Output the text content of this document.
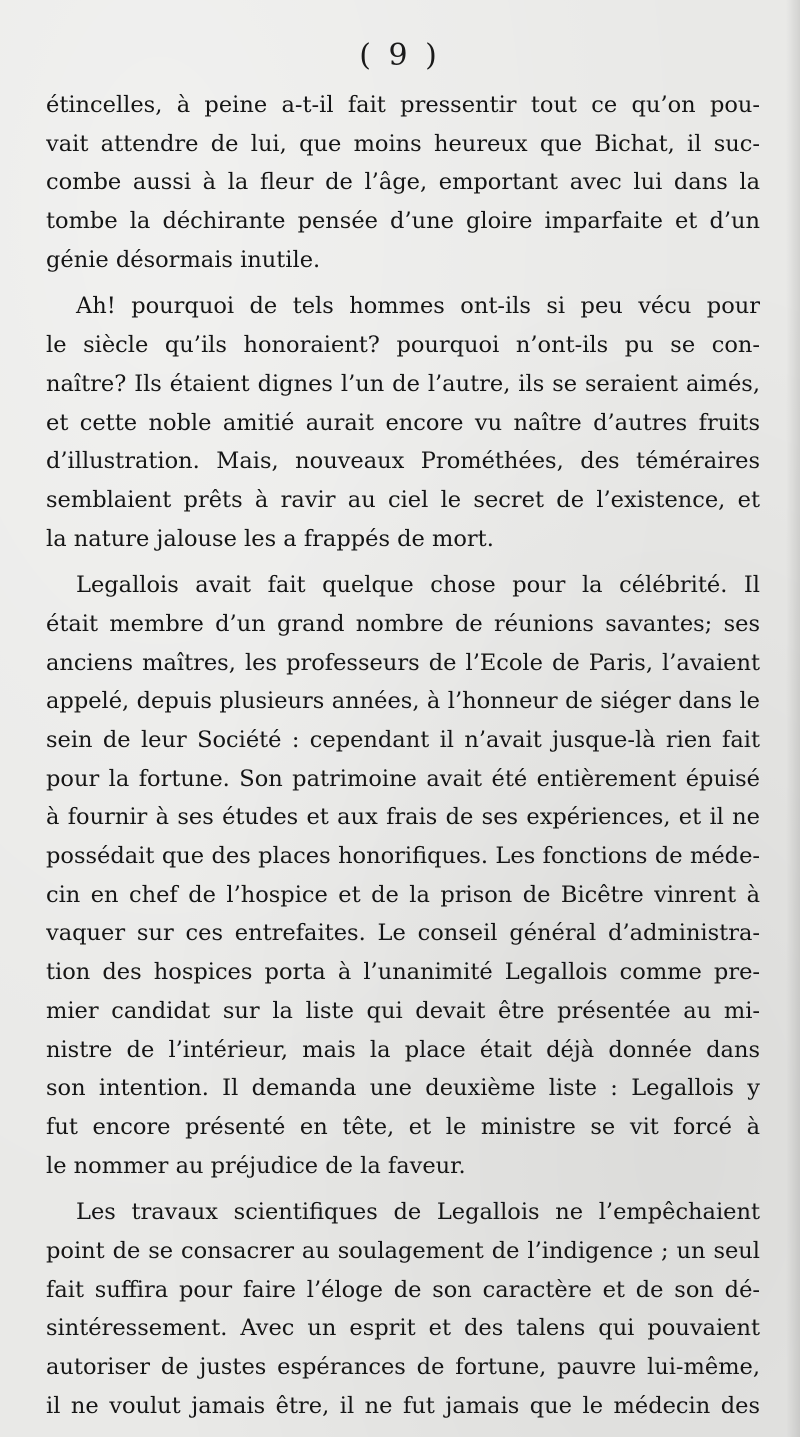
( 9 )
étincelles, à peine a-t-il fait pressentir tout ce qu’on pou-
vait attendre de lui, que moins heureux que Bichat, il suc-
combe aussi à la fleur de l’âge, emportant avec lui dans la
tombe la déchirante pensée d’une gloire imparfaite et d’un
génie désormais inutile.
Ah! pourquoi de tels hommes ont-ils si peu vécu pour
le siècle qu’ils honoraient? pourquoi n’ont-ils pu se con-
naître? Ils étaient dignes l’un de l’autre, ils se seraient aimés,
et cette noble amitié aurait encore vu naître d’autres fruits
d’illustration. Mais, nouveaux Prométhées, des téméraires
semblaient prêts à ravir au ciel le secret de l’existence, et
la nature jalouse les a frappés de mort.
Legallois avait fait quelque chose pour la célébrité. Il
était membre d’un grand nombre de réunions savantes; ses
anciens maîtres, les professeurs de l’Ecole de Paris, l’avaient
appelé, depuis plusieurs années, à l’honneur de siéger dans le
sein de leur Société : cependant il n’avait jusque-là rien fait
pour la fortune. Son patrimoine avait été entièrement épuisé
à fournir à ses études et aux frais de ses expériences, et il ne
possédait que des places honorifiques. Les fonctions de méde-
cin en chef de l’hospice et de la prison de Bicêtre vinrent à
vaquer sur ces entrefaites. Le conseil général d’administra-
tion des hospices porta à l’unanimité Legallois comme pre-
mier candidat sur la liste qui devait être présentée au mi-
nistre de l’intérieur, mais la place était déjà donnée dans
son intention. Il demanda une deuxième liste : Legallois y
fut encore présenté en tête, et le ministre se vit forcé à
le nommer au préjudice de la faveur.
Les travaux scientifiques de Legallois ne l’empêchaient
point de se consacrer au soulagement de l’indigence ; un seul
fait suffira pour faire l’éloge de son caractère et de son dé-
sintéressement. Avec un esprit et des talens qui pouvaient
autoriser de justes espérances de fortune, pauvre lui-même,
il ne voulut jamais être, il ne fut jamais que le médecin des
